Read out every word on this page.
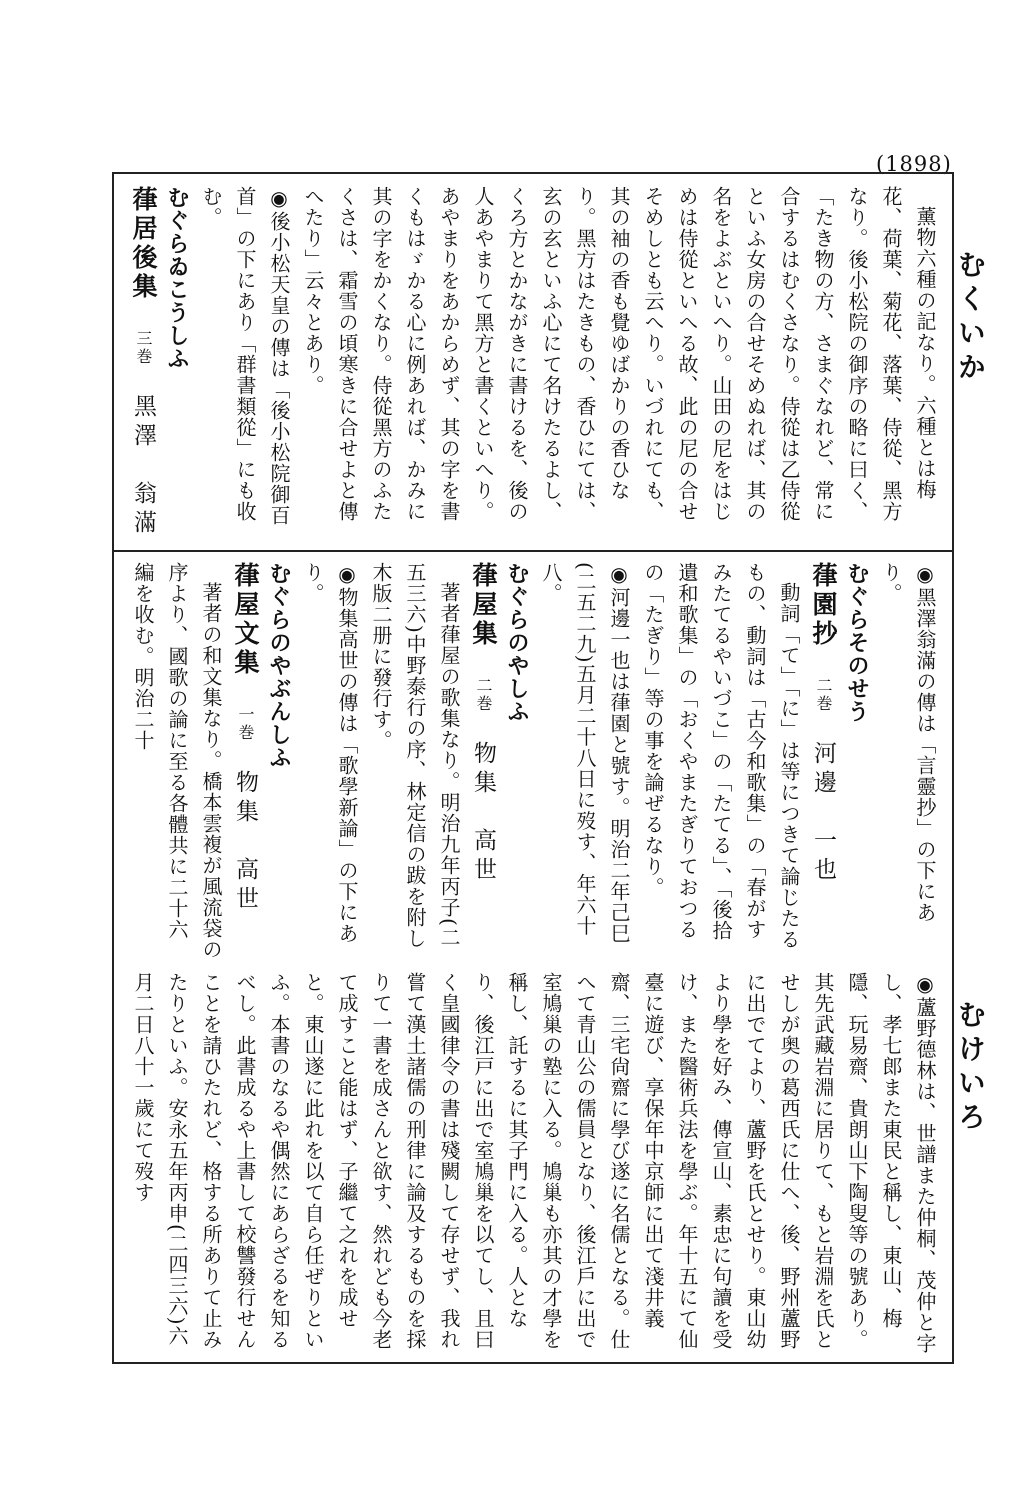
(1898)
むくいか
むけいろ

薰物六種の記なり。六種とは梅花、荷葉、菊花、落葉、侍從、黑方なり。後小松院の御序の略に曰く、「たき物の方、さまぐなれど、常に合するはむくさなり。侍從は乙侍從といふ女房の合せそめぬれば、其の名をよぶといへり。山田の尼をはじめは侍從といへる故、此の尼の合せそめしとも云へり。いづれにても、其の袖の香も覺ゆばかりの香ひなり。黑方はたきもの、香ひにては、玄の玄といふ心にて名けたるよし、くろ方とかながきに書けるを、後の人あやまりて黑方と書くといへり。あやまりをあからめず、其の字を書くもはゞかる心に例あれば、かみに其の字をかくなり。侍從黑方のふたくさは、霜雪の頃寒きに合せよと傳へたり」云々とあり。

◉後小松天皇の傳は「後小松院御百首」の下にあり「群書類從」にも收む。

むぐらゐこうしふ

葎居後集三巻黑澤　翁滿

◉黑澤翁滿の傳は「言靈抄」の下にあり。

むぐらそのせう

葎園抄二巻河邊　一也

動詞「て」「に」は等につきて論じたるもの、動詞は「古今和歌集」の「春がすみたてるやいづこ」の「たてる」、「後拾遺和歌集」の「おくやまたぎりておつるの「たぎり」等の事を論ぜるなり。

◉河邊一也は葎園と號す。明治二年己巳(二五二九)五月二十八日に歿す、年六十八。

むぐらのやしふ

葎屋集二巻物集　高世

著者葎屋の歌集なり。明治九年丙子(二五三六)中野泰行の序、林定信の跋を附し木版二册に發行す。

◉物集高世の傳は「歌學新論」の下にあり。

むぐらのやぶんしふ

葎屋文集一巻物集　高世

著者の和文集なり。橋本雲複が風流袋の序より、國歌の論に至る各體共に二十六編を收む。明治二十

◉蘆野德林は、世譜また仲桐、茂仲と字し、孝七郎また東民と稱し、東山、梅隱、玩易齋、貴朗山下陶叟等の號あり。其先武藏岩淵に居りて、もと岩淵を氏とせしが奥の葛西氏に仕へ、後、野州蘆野に出でてより、蘆野を氏とせり。東山幼より學を好み、傳宣山、素忠に句讀を受け、また醫術兵法を學ぶ。年十五にて仙臺に遊び、享保年中京師に出て淺井義齋、三宅尙齋に學び遂に名儒となる。仕へて青山公の儒員となり、後江戶に出で室鳩巢の塾に入る。鳩巢も亦其の才學を稱し、託するに其子門に入る。人となり、後江戸に出で室鳩巢を以てし、且曰く皇國律令の書は殘闕して存せず、我れ嘗て漢土諸儒の刑律に論及するものを採りて一書を成さんと欲す、然れども今老て成すこと能はず、子繼て之れを成せと。東山遂に此れを以て自ら任ぜりといふ。本書のなるや偶然にあらざるを知るべし。此書成るや上書して校讐發行せんことを請ひたれど、格する所ありて止みたりといふ。安永五年丙申(二四三六)六月二日八十一歲にて歿す
